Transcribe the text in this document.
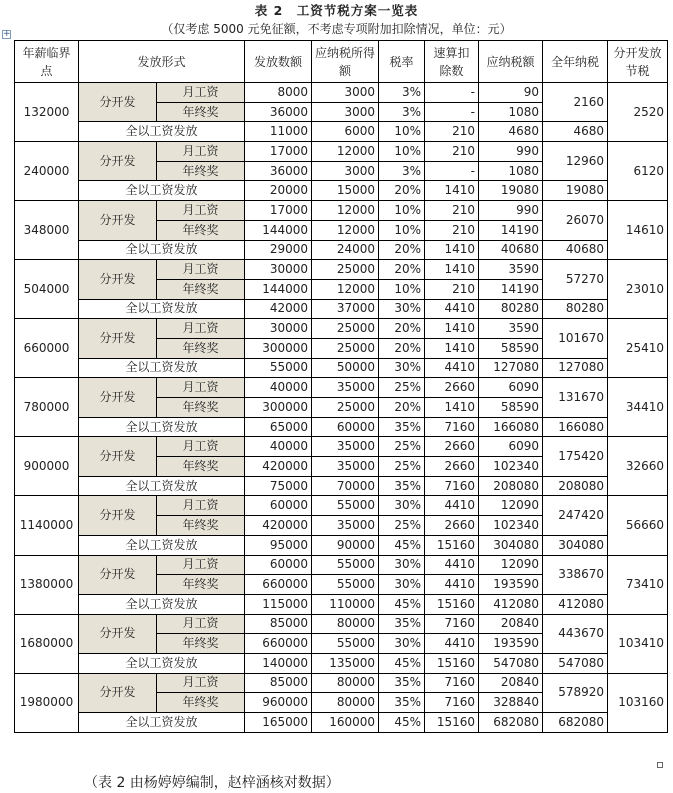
表 2　工资节税方案一览表
（仅考虑 5000 元免征额，不考虑专项附加扣除情况，单位：元）
+
年薪临界点	发放形式		发放数额	应纳税所得额	税率	速算扣除数	应纳税额	全年纳税	分开发放节税
132000	分开发	月工资	8000	3000	3%	-	90	2160	2520
		年终奖	36000	3000	3%	-	1080		
	全以工资发放		11000	6000	10%	210	4680	4680	
240000	分开发	月工资	17000	12000	10%	210	990	12960	6120
		年终奖	36000	3000	3%	-	1080		
	全以工资发放		20000	15000	20%	1410	19080	19080	
348000	分开发	月工资	17000	12000	10%	210	990	26070	14610
		年终奖	144000	12000	10%	210	14190		
	全以工资发放		29000	24000	20%	1410	40680	40680	
504000	分开发	月工资	30000	25000	20%	1410	3590	57270	23010
		年终奖	144000	12000	10%	210	14190		
	全以工资发放		42000	37000	30%	4410	80280	80280	
660000	分开发	月工资	30000	25000	20%	1410	3590	101670	25410
		年终奖	300000	25000	20%	1410	58590		
	全以工资发放		55000	50000	30%	4410	127080	127080	
780000	分开发	月工资	40000	35000	25%	2660	6090	131670	34410
		年终奖	300000	25000	20%	1410	58590		
	全以工资发放		65000	60000	35%	7160	166080	166080	
900000	分开发	月工资	40000	35000	25%	2660	6090	175420	32660
		年终奖	420000	35000	25%	2660	102340		
	全以工资发放		75000	70000	35%	7160	208080	208080	
1140000	分开发	月工资	60000	55000	30%	4410	12090	247420	56660
		年终奖	420000	35000	25%	2660	102340		
	全以工资发放		95000	90000	45%	15160	304080	304080	
1380000	分开发	月工资	60000	55000	30%	4410	12090	338670	73410
		年终奖	660000	55000	30%	4410	193590		
	全以工资发放		115000	110000	45%	15160	412080	412080	
1680000	分开发	月工资	85000	80000	35%	7160	20840	443670	103410
		年终奖	660000	55000	30%	4410	193590		
	全以工资发放		140000	135000	45%	15160	547080	547080	
1980000	分开发	月工资	85000	80000	35%	7160	20840	578920	103160
		年终奖	960000	80000	35%	7160	328840		
	全以工资发放		165000	160000	45%	15160	682080	682080	
（表 2 由杨婷婷编制，赵梓涵核对数据）
